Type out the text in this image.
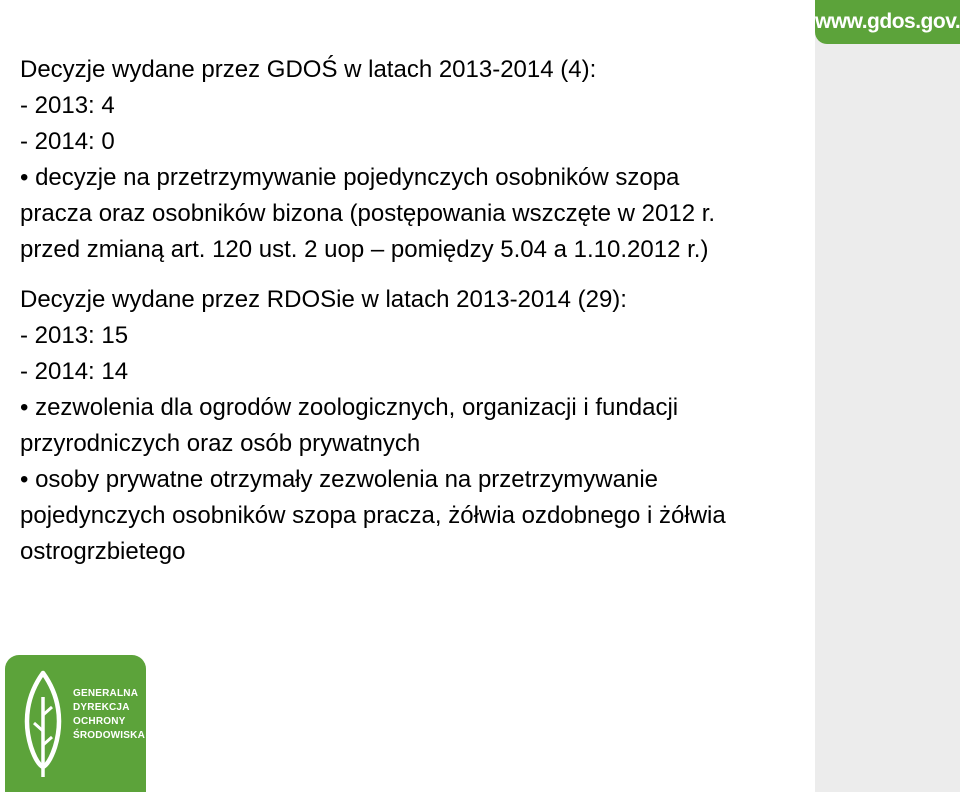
www.gdos.gov.pl

Decyzje wydane przez GDOŚ w latach 2013-2014 (4):

- 2013: 4

- 2014: 0

• decyzje na przetrzymywanie pojedynczych osobników szopa

pracza oraz osobników bizona (postępowania wszczęte w 2012 r.

przed zmianą art. 120 ust. 2 uop – pomiędzy 5.04 a 1.10.2012 r.)

Decyzje wydane przez RDOSie w latach 2013-2014 (29):

- 2013: 15

- 2014: 14

• zezwolenia dla ogrodów zoologicznych, organizacji i fundacji

przyrodniczych oraz osób prywatnych

• osoby prywatne otrzymały zezwolenia na przetrzymywanie

pojedynczych osobników szopa pracza, żółwia ozdobnego i żółwia

ostrogrzbietego

GENERALNA
DYREKCJA
OCHRONY
ŚRODOWISKA
